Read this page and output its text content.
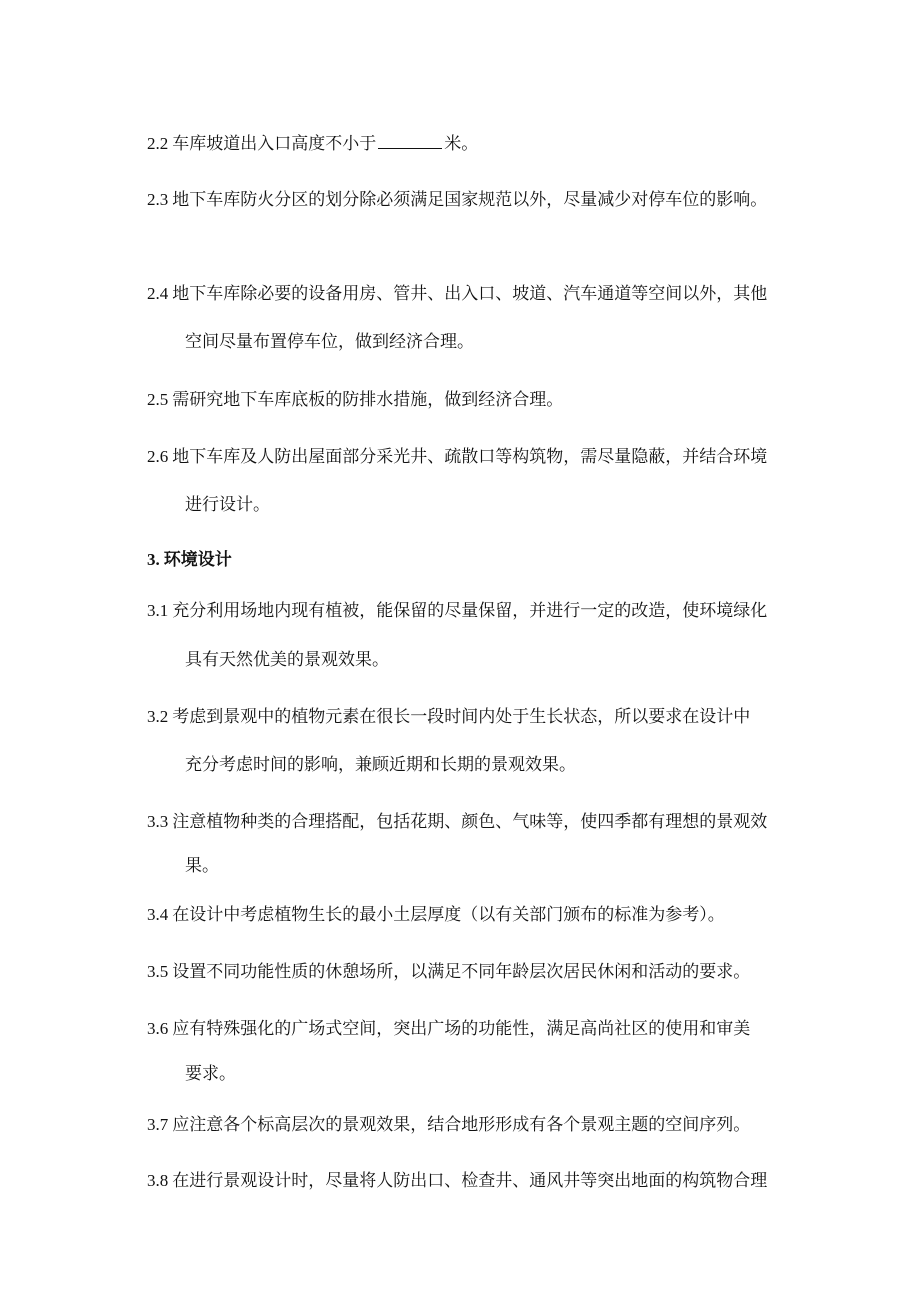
2.2 车库坡道出入口高度不小于	米。
2.3 地下车库防火分区的划分除必须满足国家规范以外，尽量减少对停车位的影响。
2.4 地下车库除必要的设备用房、管井、出入口、坡道、汽车通道等空间以外，其他
空间尽量布置停车位，做到经济合理。
2.5 需研究地下车库底板的防排水措施，做到经济合理。
2.6 地下车库及人防出屋面部分采光井、疏散口等构筑物，需尽量隐蔽，并结合环境
进行设计。
3. 环境设计
3.1 充分利用场地内现有植被，能保留的尽量保留，并进行一定的改造，使环境绿化
具有天然优美的景观效果。
3.2 考虑到景观中的植物元素在很长一段时间内处于生长状态，所以要求在设计中
充分考虑时间的影响，兼顾近期和长期的景观效果。
3.3 注意植物种类的合理搭配，包括花期、颜色、气味等，使四季都有理想的景观效
果。
3.4 在设计中考虑植物生长的最小土层厚度（以有关部门颁布的标准为参考）。
3.5 设置不同功能性质的休憩场所，以满足不同年龄层次居民休闲和活动的要求。
3.6 应有特殊强化的广场式空间，突出广场的功能性，满足高尚社区的使用和审美
要求。
3.7 应注意各个标高层次的景观效果，结合地形形成有各个景观主题的空间序列。
3.8 在进行景观设计时，尽量将人防出口、检查井、通风井等突出地面的构筑物合理
